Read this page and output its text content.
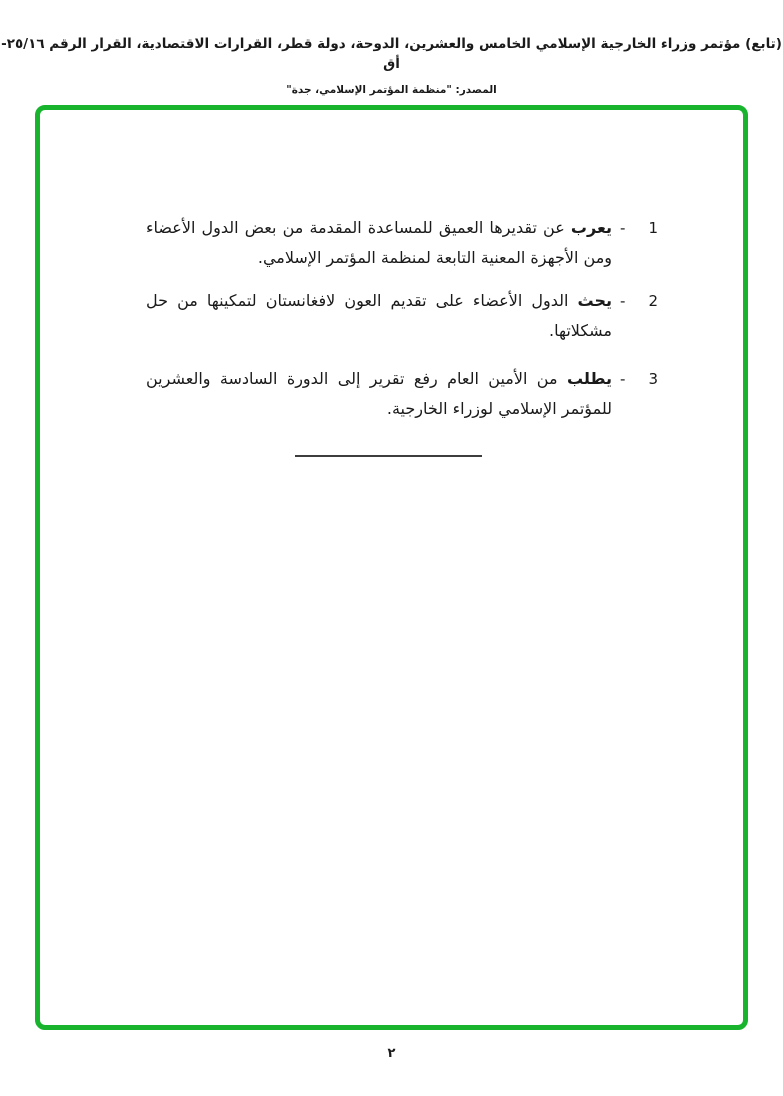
(تابع) مؤتمر وزراء الخارجية الإسلامي الخامس والعشرين، الدوحة، دولة قطر، القرارات الاقتصادية، القرار الرقم ٢٥/١٦-أق
المصدر: "منظمة المؤتمر الإسلامي، جدة"
يعرب عن تقديرها العميق للمساعدة المقدمة من بعض الدول الأعضاء ومن الأجهزة المعنية التابعة لمنظمة المؤتمر الإسلامي.
- 1
يحث الدول الأعضاء على تقديم العون لافغانستان لتمكينها من حل مشكلاتها.
- 2
يطلب من الأمين العام رفع تقرير إلى الدورة السادسة والعشرين للمؤتمر الإسلامي لوزراء الخارجية.
- 3
٢
